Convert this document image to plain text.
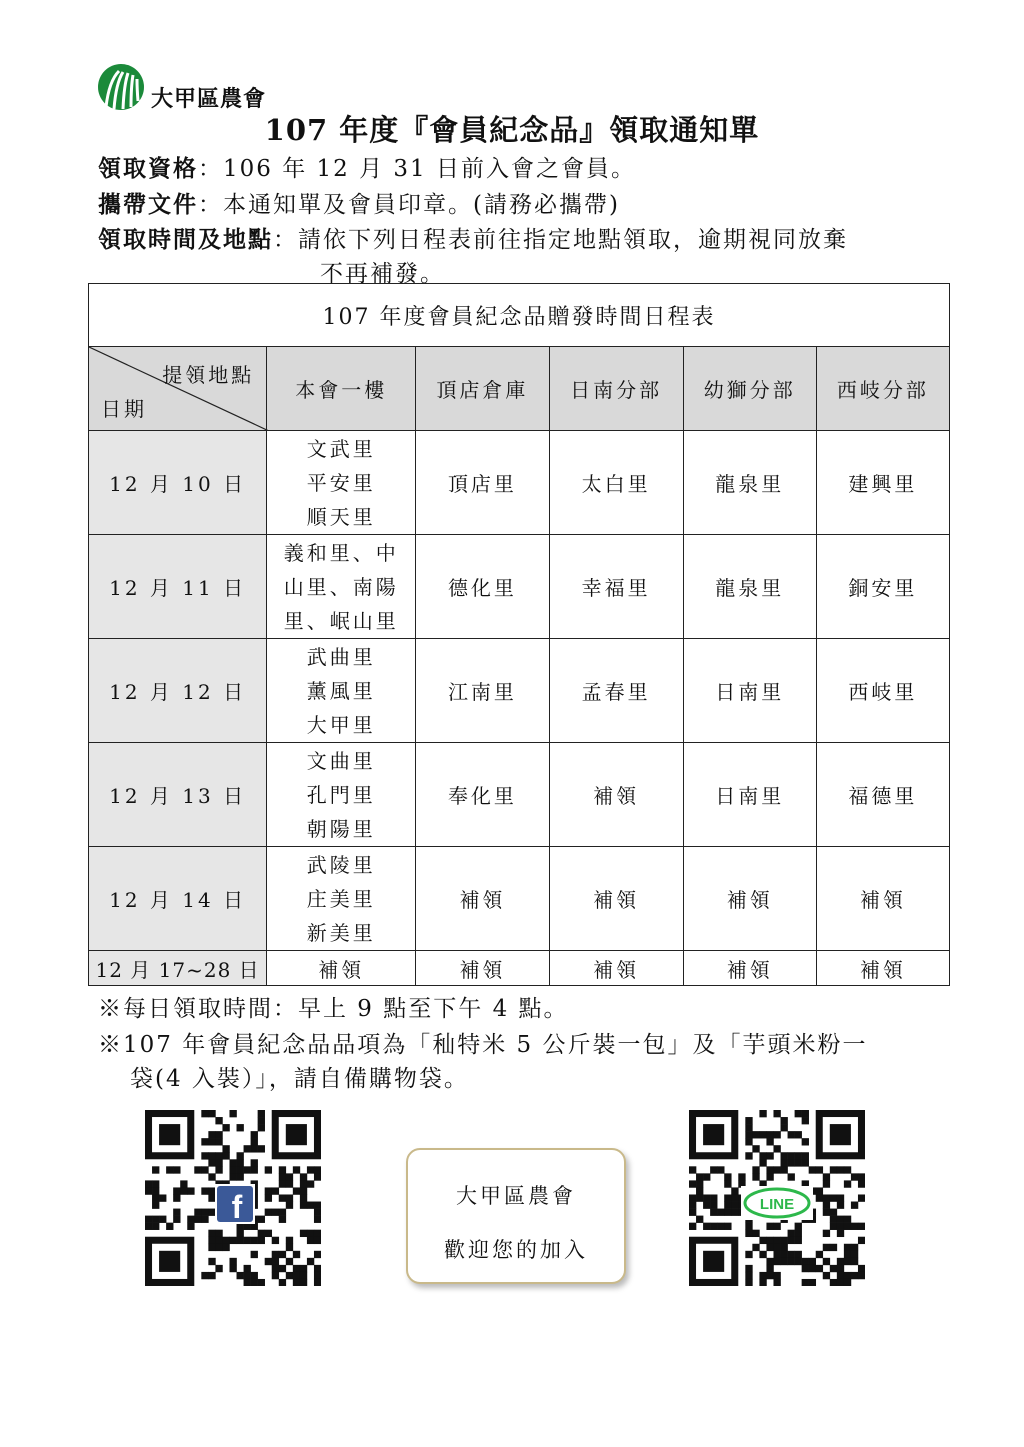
大甲區農會
107 年度『會員紀念品』領取通知單
領取資格：106 年 12 月 31 日前入會之會員。
攜帶文件：本通知單及會員印章。(請務必攜帶)
領取時間及地點：請依下列日程表前往指定地點領取，逾期視同放棄
不再補發。
107 年度會員紀念品贈發時間日程表					

提領地點
日期	本會一樓	頂店倉庫	日南分部	幼獅分部	西岐分部
12 月 10 日	文武里
平安里
順天里	頂店里	太白里	龍泉里	建興里
12 月 11 日	義和里、中
山里、南陽
里、岷山里	德化里	幸福里	龍泉里	銅安里
12 月 12 日	武曲里
薰風里
大甲里	江南里	孟春里	日南里	西岐里
12 月 13 日	文曲里
孔門里
朝陽里	奉化里	補領	日南里	福德里
12 月 14 日	武陵里
庄美里
新美里	補領	補領	補領	補領
12 月 17~28 日	補領	補領	補領	補領	補領
※每日領取時間：早上 9 點至下午 4 點。
※107 年會員紀念品品項為「秈特米 5 公斤裝一包」及「芋頭米粉一
袋(4 入裝）」，請自備購物袋。
f	大甲區農會
歡迎您的加入
LINE
